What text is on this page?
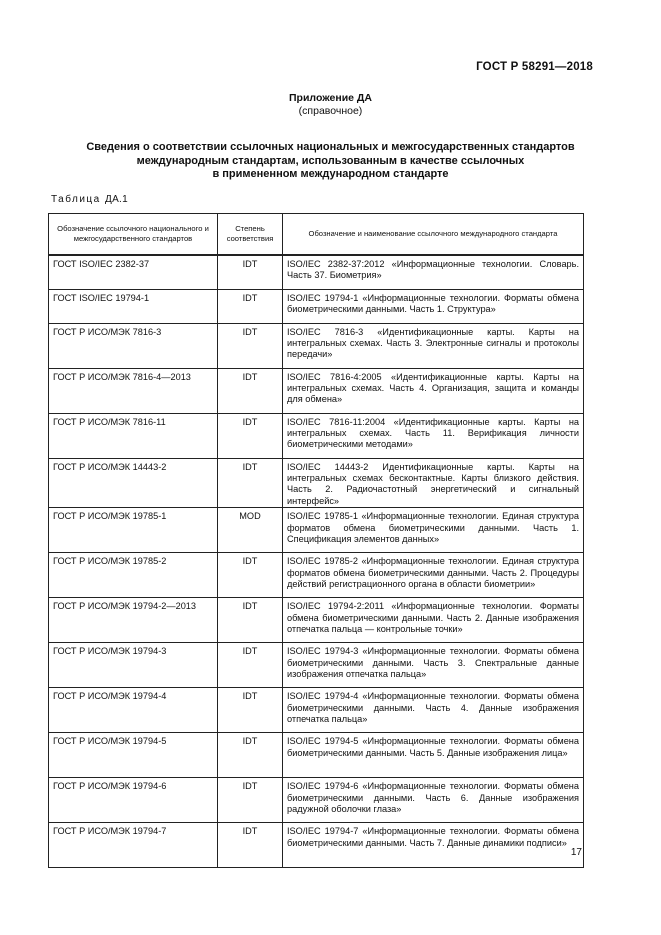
ГОСТ Р 58291—2018
Приложение ДА
(справочное)
Сведения о соответствии ссылочных национальных и межгосударственных стандартов
международным стандартам, использованным в качестве ссылочных
в примененном международном стандарте
Таблица ДА.1
Обозначение ссылочного национального и межгосударственного стандартов	Степень соответствия	Обозначение и наименование ссылочного международного стандарта
ГОСТ ISO/IEC 2382-37	IDT	ISO/IEC 2382-37:2012 «Информационные технологии. Словарь. Часть 37. Биометрия»
ГОСТ ISO/IEC 19794-1	IDT	ISO/IEC 19794-1 «Информационные технологии. Форматы обмена биометрическими данными. Часть 1. Структура»
ГОСТ Р ИСО/МЭК 7816-3	IDT	ISO/IEC 7816-3 «Идентификационные карты. Карты на интегральных схемах. Часть 3. Электронные сигналы и протоколы передачи»
ГОСТ Р ИСО/МЭК 7816-4—2013	IDT	ISO/IEC 7816-4:2005 «Идентификационные карты. Карты на интегральных схемах. Часть 4. Организация, защита и команды для обмена»
ГОСТ Р ИСО/МЭК 7816-11	IDT	ISO/IEC 7816-11:2004 «Идентификационные карты. Карты на интегральных схемах. Часть 11. Верификация личности биометрическими методами»
ГОСТ Р ИСО/МЭК 14443-2	IDT	ISO/IEC 14443-2 Идентификационные карты. Карты на интегральных схемах бесконтактные. Карты близкого действия. Часть 2. Радиочастотный энергетический и сигнальный интерфейс»
ГОСТ Р ИСО/МЭК 19785-1	MOD	ISO/IEC 19785-1 «Информационные технологии. Единая структура форматов обмена биометрическими данными. Часть 1. Спецификация элементов данных»
ГОСТ Р ИСО/МЭК 19785-2	IDT	ISO/IEC 19785-2 «Информационные технологии. Единая структура форматов обмена биометрическими данными. Часть 2. Процедуры действий регистрационного органа в области биометрии»
ГОСТ Р ИСО/МЭК 19794-2—2013	IDT	ISO/IEC 19794-2:2011 «Информационные технологии. Форматы обмена биометрическими данными. Часть 2. Данные изображения отпечатка пальца — контрольные точки»
ГОСТ Р ИСО/МЭК 19794-3	IDT	ISO/IEC 19794-3 «Информационные технологии. Форматы обмена биометрическими данными. Часть 3. Спектральные данные изображения отпечатка пальца»
ГОСТ Р ИСО/МЭК 19794-4	IDT	ISO/IEC 19794-4 «Информационные технологии. Форматы обмена биометрическими данными. Часть 4. Данные изображения отпечатка пальца»
ГОСТ Р ИСО/МЭК 19794-5	IDT	ISO/IEC 19794-5 «Информационные технологии. Форматы обмена биометрическими данными. Часть 5. Данные изображения лица»
ГОСТ Р ИСО/МЭК 19794-6	IDT	ISO/IEC 19794-6 «Информационные технологии. Форматы обмена биометрическими данными. Часть 6. Данные изображения радужной оболочки глаза»
ГОСТ Р ИСО/МЭК 19794-7	IDT	ISO/IEC 19794-7 «Информационные технологии. Форматы обмена биометрическими данными. Часть 7. Данные динамики подписи»
17
